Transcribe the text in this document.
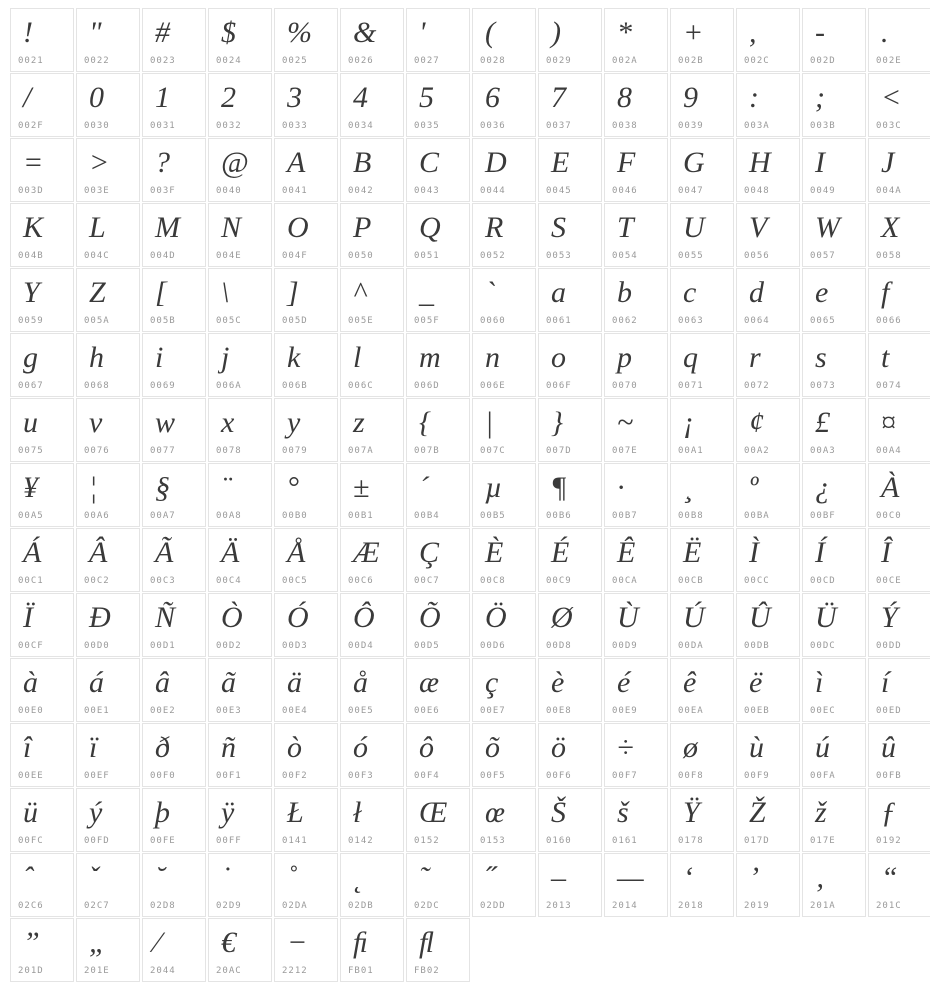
!
0021
"
0022
#
0023
$
0024
%
0025
&
0026
'
0027
(
0028
)
0029
*
002A
+
002B
,
002C
-
002D
.
002E
/
002F
0
0030
1
0031
2
0032
3
0033
4
0034
5
0035
6
0036
7
0037
8
0038
9
0039
:
003A
;
003B
<
003C
=
003D
>
003E
?
003F
@
0040
A
0041
B
0042
C
0043
D
0044
E
0045
F
0046
G
0047
H
0048
I
0049
J
004A
K
004B
L
004C
M
004D
N
004E
O
004F
P
0050
Q
0051
R
0052
S
0053
T
0054
U
0055
V
0056
W
0057
X
0058
Y
0059
Z
005A
[
005B
\
005C
]
005D
^
005E
_
005F
`
0060
a
0061
b
0062
c
0063
d
0064
e
0065
f
0066
g
0067
h
0068
i
0069
j
006A
k
006B
l
006C
m
006D
n
006E
o
006F
p
0070
q
0071
r
0072
s
0073
t
0074
u
0075
v
0076
w
0077
x
0078
y
0079
z
007A
{
007B
|
007C
}
007D
~
007E
¡
00A1
¢
00A2
£
00A3
¤
00A4
¥
00A5
¦
00A6
§
00A7
¨
00A8
°
00B0
±
00B1
´
00B4
µ
00B5
¶
00B6
·
00B7
¸
00B8
º
00BA
¿
00BF
À
00C0
Á
00C1
Â
00C2
Ã
00C3
Ä
00C4
Å
00C5
Æ
00C6
Ç
00C7
È
00C8
É
00C9
Ê
00CA
Ë
00CB
Ì
00CC
Í
00CD
Î
00CE
Ï
00CF
Ð
00D0
Ñ
00D1
Ò
00D2
Ó
00D3
Ô
00D4
Õ
00D5
Ö
00D6
Ø
00D8
Ù
00D9
Ú
00DA
Û
00DB
Ü
00DC
Ý
00DD
à
00E0
á
00E1
â
00E2
ã
00E3
ä
00E4
å
00E5
æ
00E6
ç
00E7
è
00E8
é
00E9
ê
00EA
ë
00EB
ì
00EC
í
00ED
î
00EE
ï
00EF
ð
00F0
ñ
00F1
ò
00F2
ó
00F3
ô
00F4
õ
00F5
ö
00F6
÷
00F7
ø
00F8
ù
00F9
ú
00FA
û
00FB
ü
00FC
ý
00FD
þ
00FE
ÿ
00FF
Ł
0141
ł
0142
Œ
0152
œ
0153
Š
0160
š
0161
Ÿ
0178
Ž
017D
ž
017E
ƒ
0192
ˆ
02C6
ˇ
02C7
˘
02D8
˙
02D9
˚
02DA
˛
02DB
˜
02DC
˝
02DD
–
2013
—
2014
‘
2018
’
2019
‚
201A
“
201C
”
201D
„
201E
⁄
2044
€
20AC
−
2212
ﬁ
FB01
ﬂ
FB02
